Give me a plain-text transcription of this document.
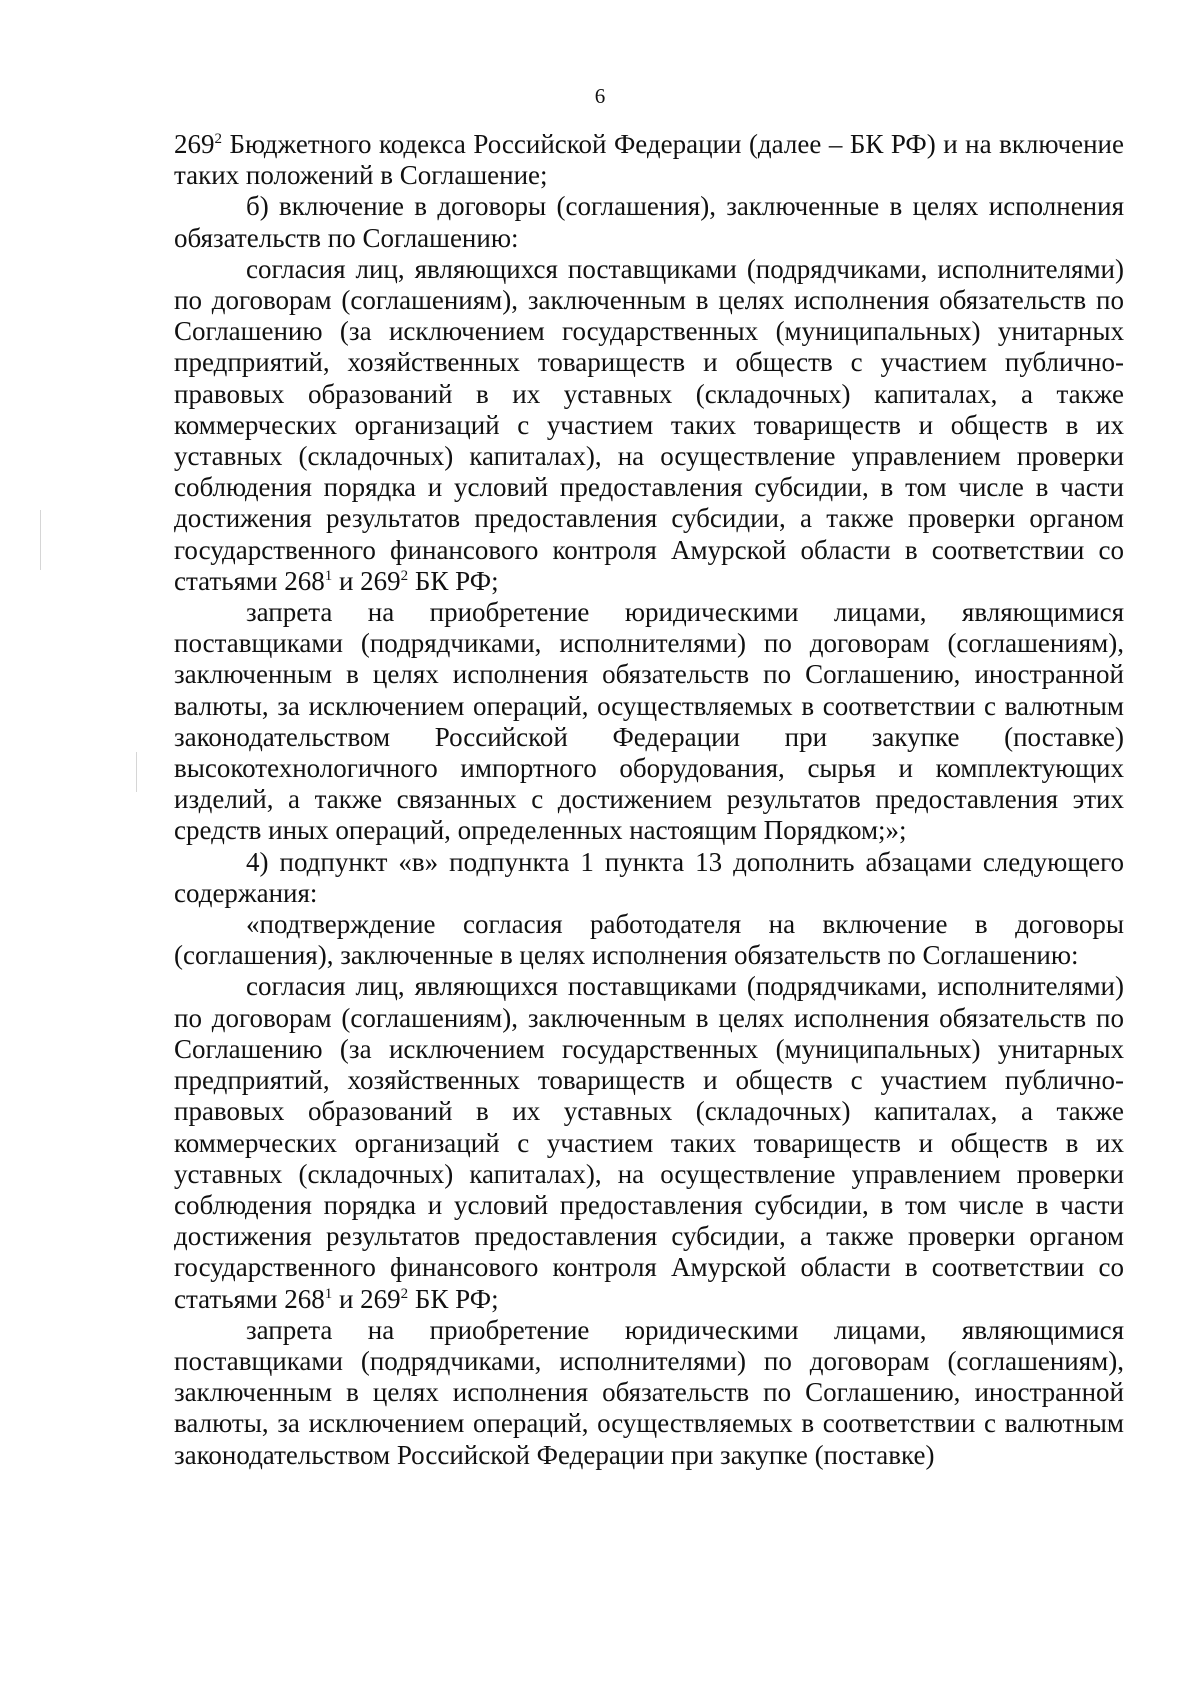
6

$269^2$ Бюджетного кодекса Российской Федерации (далее – БК РФ) и на включение таких положений в Соглашение;

б) включение в договоры (соглашения), заключенные в целях исполнения обязательств по Соглашению:

согласия лиц, являющихся поставщиками (подрядчиками, исполнителями) по договорам (соглашениям), заключенным в целях исполнения обязательств по Соглашению (за исключением государственных (муниципальных) унитарных предприятий, хозяйственных товариществ и обществ с участием публично-правовых образований в их уставных (складочных) капиталах, а также коммерческих организаций с участием таких товариществ и обществ в их уставных (складочных) капиталах), на осуществление управлением проверки соблюдения порядка и условий предоставления субсидии, в том числе в части достижения результатов предоставления субсидии, а также проверки органом государственного финансового контроля Амурской области в соответствии со статьями $268^1$ и $269^2$ БК РФ;

запрета на приобретение юридическими лицами, являющимися поставщиками (подрядчиками, исполнителями) по договорам (соглашениям), заключенным в целях исполнения обязательств по Соглашению, иностранной валюты, за исключением операций, осуществляемых в соответствии с валютным законодательством Российской Федерации при закупке (поставке) высокотехнологичного импортного оборудования, сырья и комплектующих изделий, а также связанных с достижением результатов предоставления этих средств иных операций, определенных настоящим Порядком;»;

4) подпункт «в» подпункта 1 пункта 13 дополнить абзацами следующего содержания:

«подтверждение согласия работодателя на включение в договоры (соглашения), заключенные в целях исполнения обязательств по Соглашению:

согласия лиц, являющихся поставщиками (подрядчиками, исполнителями) по договорам (соглашениям), заключенным в целях исполнения обязательств по Соглашению (за исключением государственных (муниципальных) унитарных предприятий, хозяйственных товариществ и обществ с участием публично-правовых образований в их уставных (складочных) капиталах, а также коммерческих организаций с участием таких товариществ и обществ в их уставных (складочных) капиталах), на осуществление управлением проверки соблюдения порядка и условий предоставления субсидии, в том числе в части достижения результатов предоставления субсидии, а также проверки органом государственного финансового контроля Амурской области в соответствии со статьями $268^1$ и $269^2$ БК РФ;

запрета на приобретение юридическими лицами, являющимися поставщиками (подрядчиками, исполнителями) по договорам (соглашениям), заключенным в целях исполнения обязательств по Соглашению, иностранной валюты, за исключением операций, осуществляемых в соответствии с валютным законодательством Российской Федерации при закупке (поставке)
